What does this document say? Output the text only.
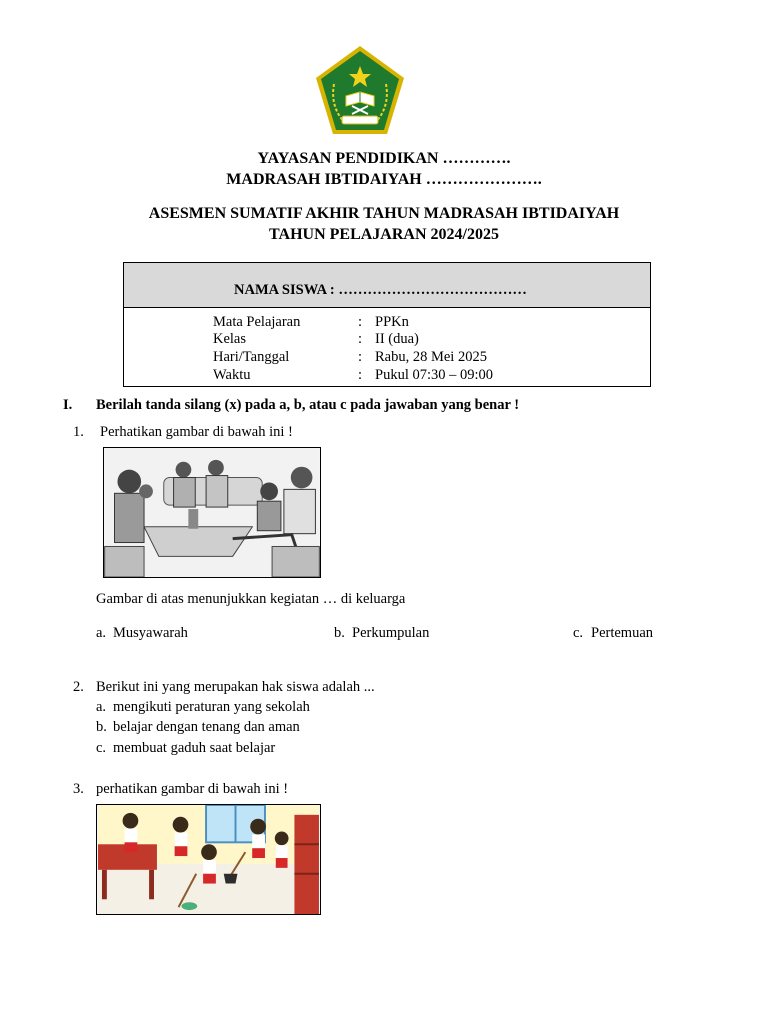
YAYASAN PENDIDIKAN ………….
MADRASAH IBTIDAIYAH ………………….
ASESMEN SUMATIF AKHIR TAHUN MADRASAH IBTIDAIYAH
TAHUN PELAJARAN 2024/2025
NAMA SISWA : …………………………………
Mata Pelajaran	: PPKn
Kelas	: II (dua)
Hari/Tanggal	: Rabu, 28 Mei 2025
Waktu	: Pukul 07:30 – 09:00
I. Berilah tanda silang (x) pada a, b, atau c pada jawaban yang benar !
1. Perhatikan gambar di bawah ini !
Gambar di atas menunjukkan kegiatan … di keluarga
a. Musyawarah	b. Perkumpulan	c. Pertemuan
2. Berikut ini yang merupakan hak siswa adalah ...
a. mengikuti peraturan yang sekolah
b. belajar dengan tenang dan aman
c. membuat gaduh saat belajar
3. perhatikan gambar di bawah ini !
